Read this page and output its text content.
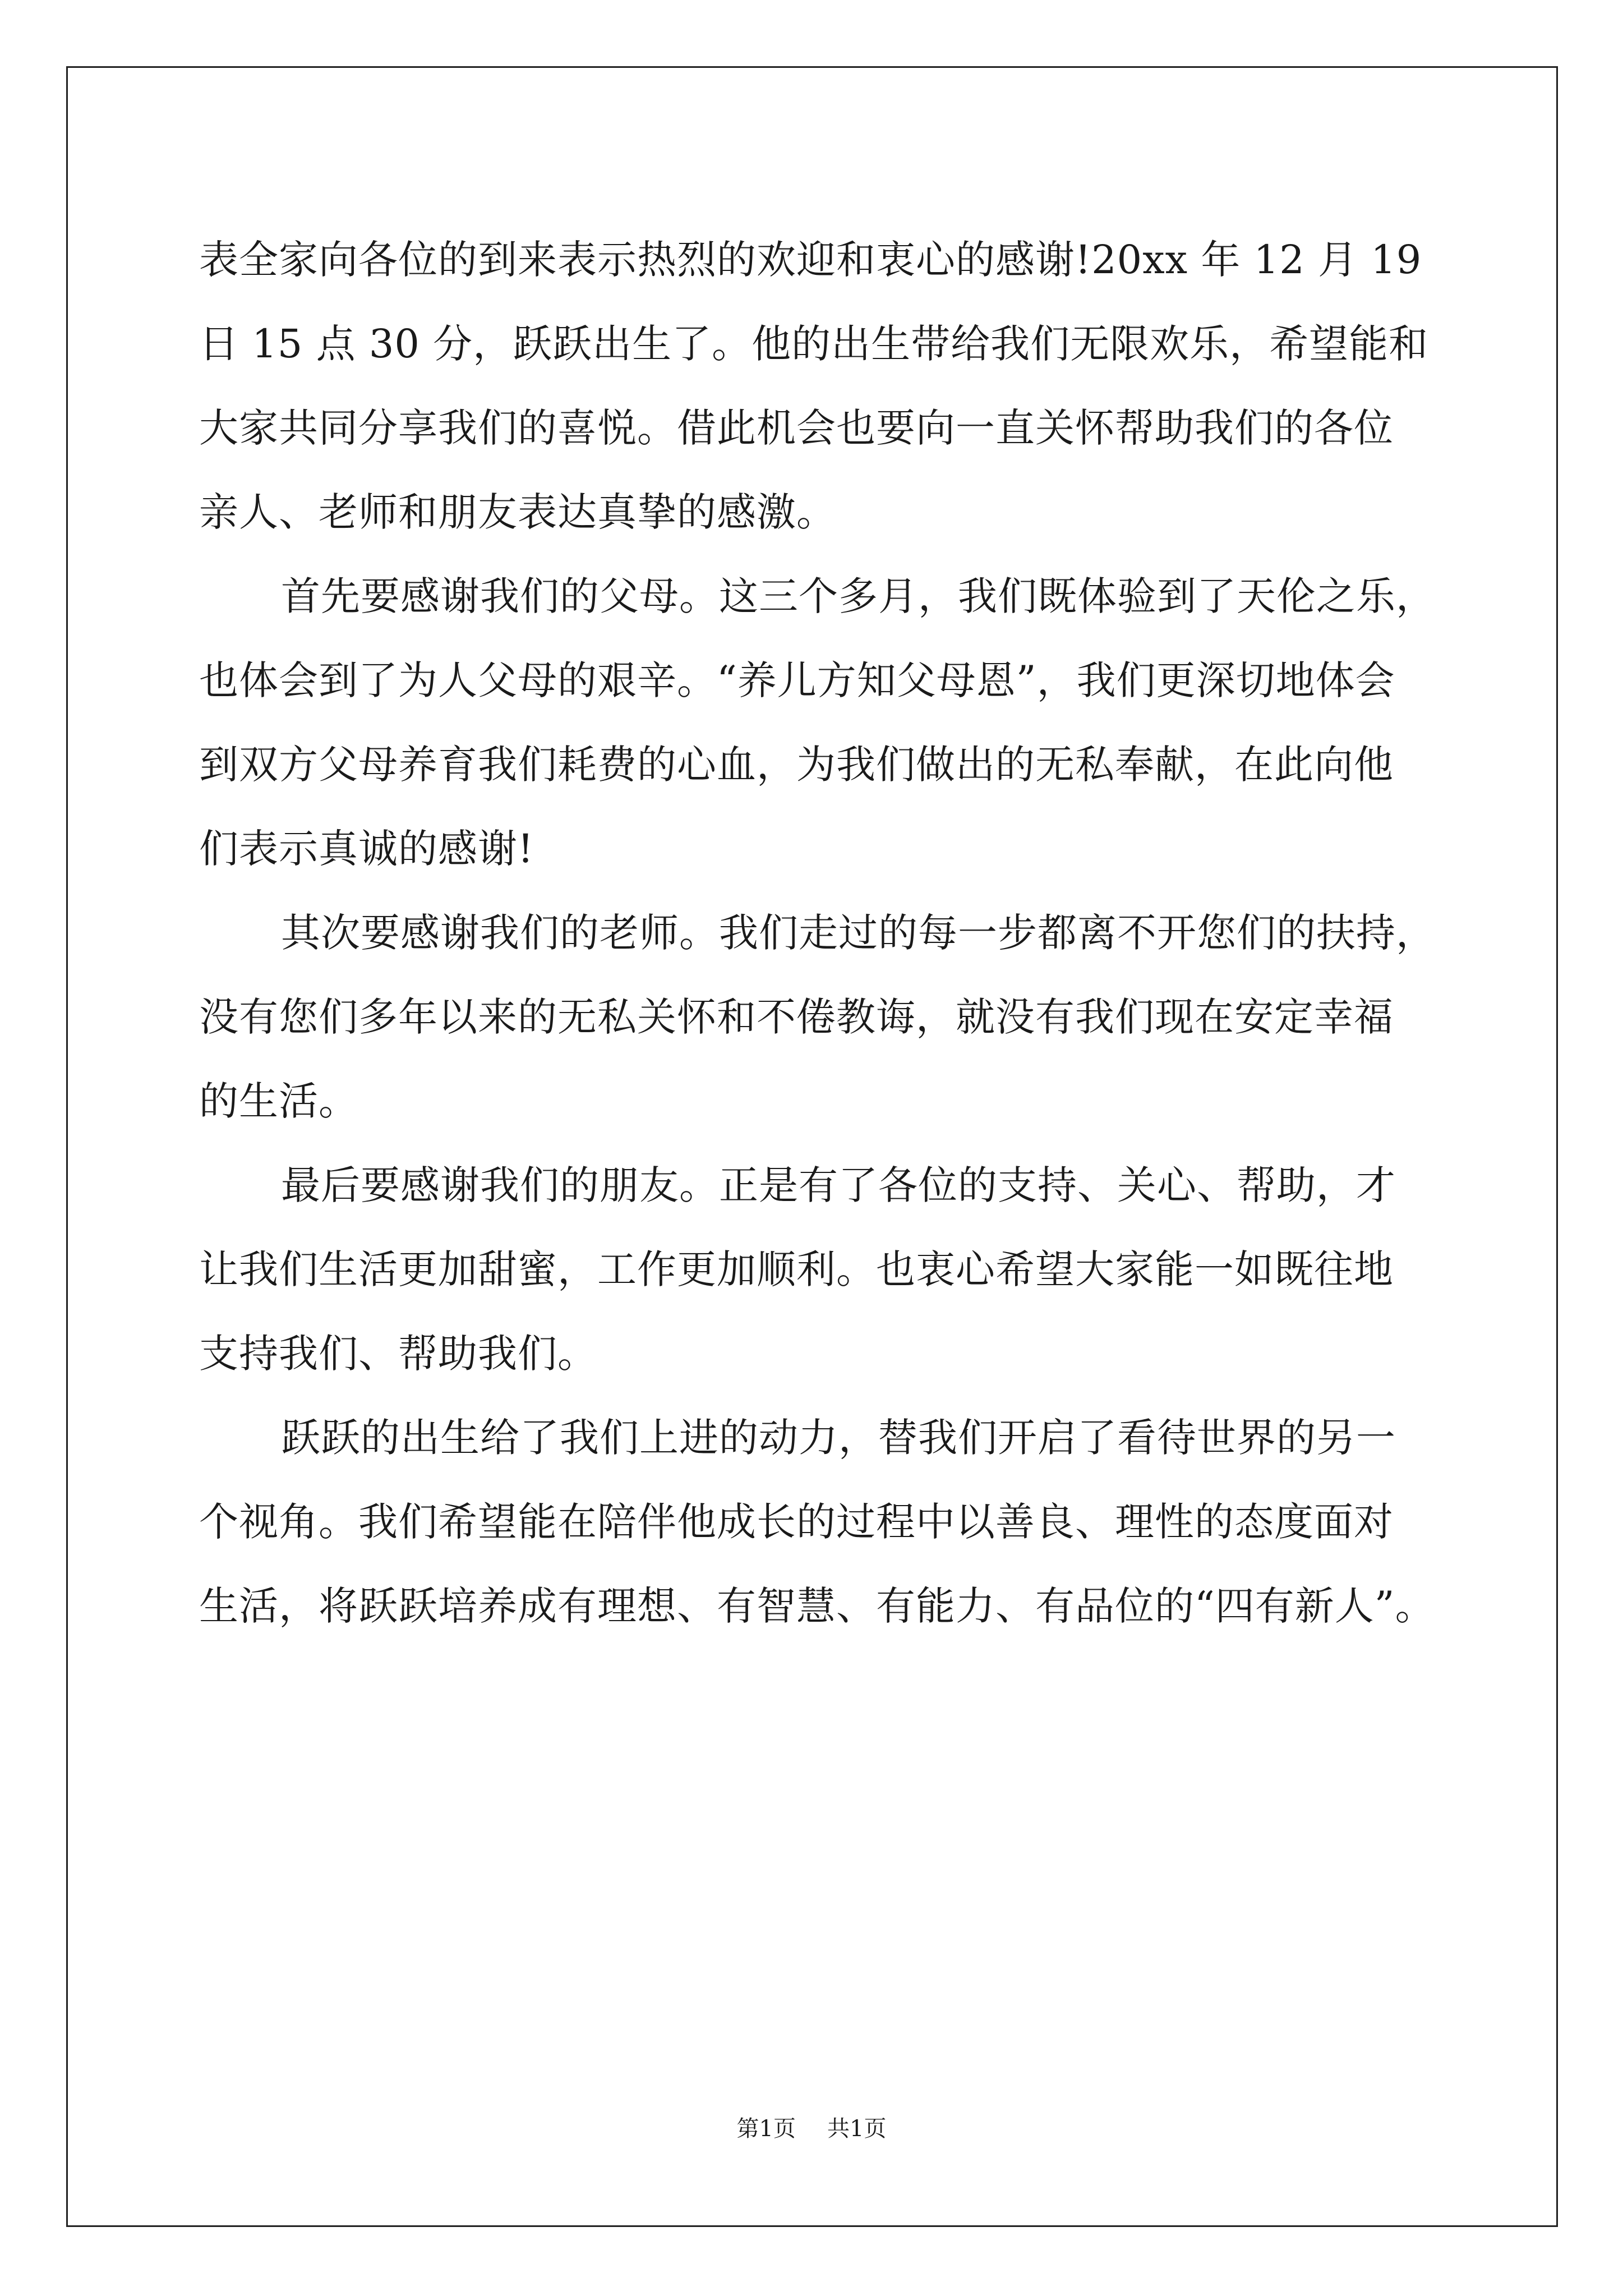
表全家向各位的到来表示热烈的欢迎和衷心的感谢!20xx 年 12 月 19
日 15 点 30 分，跃跃出生了。他的出生带给我们无限欢乐，希望能和
大家共同分享我们的喜悦。借此机会也要向一直关怀帮助我们的各位
亲人、老师和朋友表达真挚的感激。

首先要感谢我们的父母。这三个多月，我们既体验到了天伦之乐，
也体会到了为人父母的艰辛。“养儿方知父母恩”，我们更深切地体会
到双方父母养育我们耗费的心血，为我们做出的无私奉献，在此向他
们表示真诚的感谢!

其次要感谢我们的老师。我们走过的每一步都离不开您们的扶持，
没有您们多年以来的无私关怀和不倦教诲，就没有我们现在安定幸福
的生活。

最后要感谢我们的朋友。正是有了各位的支持、关心、帮助，才
让我们生活更加甜蜜，工作更加顺利。也衷心希望大家能一如既往地
支持我们、帮助我们。

跃跃的出生给了我们上进的动力，替我们开启了看待世界的另一
个视角。我们希望能在陪伴他成长的过程中以善良、理性的态度面对
生活，将跃跃培养成有理想、有智慧、有能力、有品位的“四有新人”。

第1页 共1页
